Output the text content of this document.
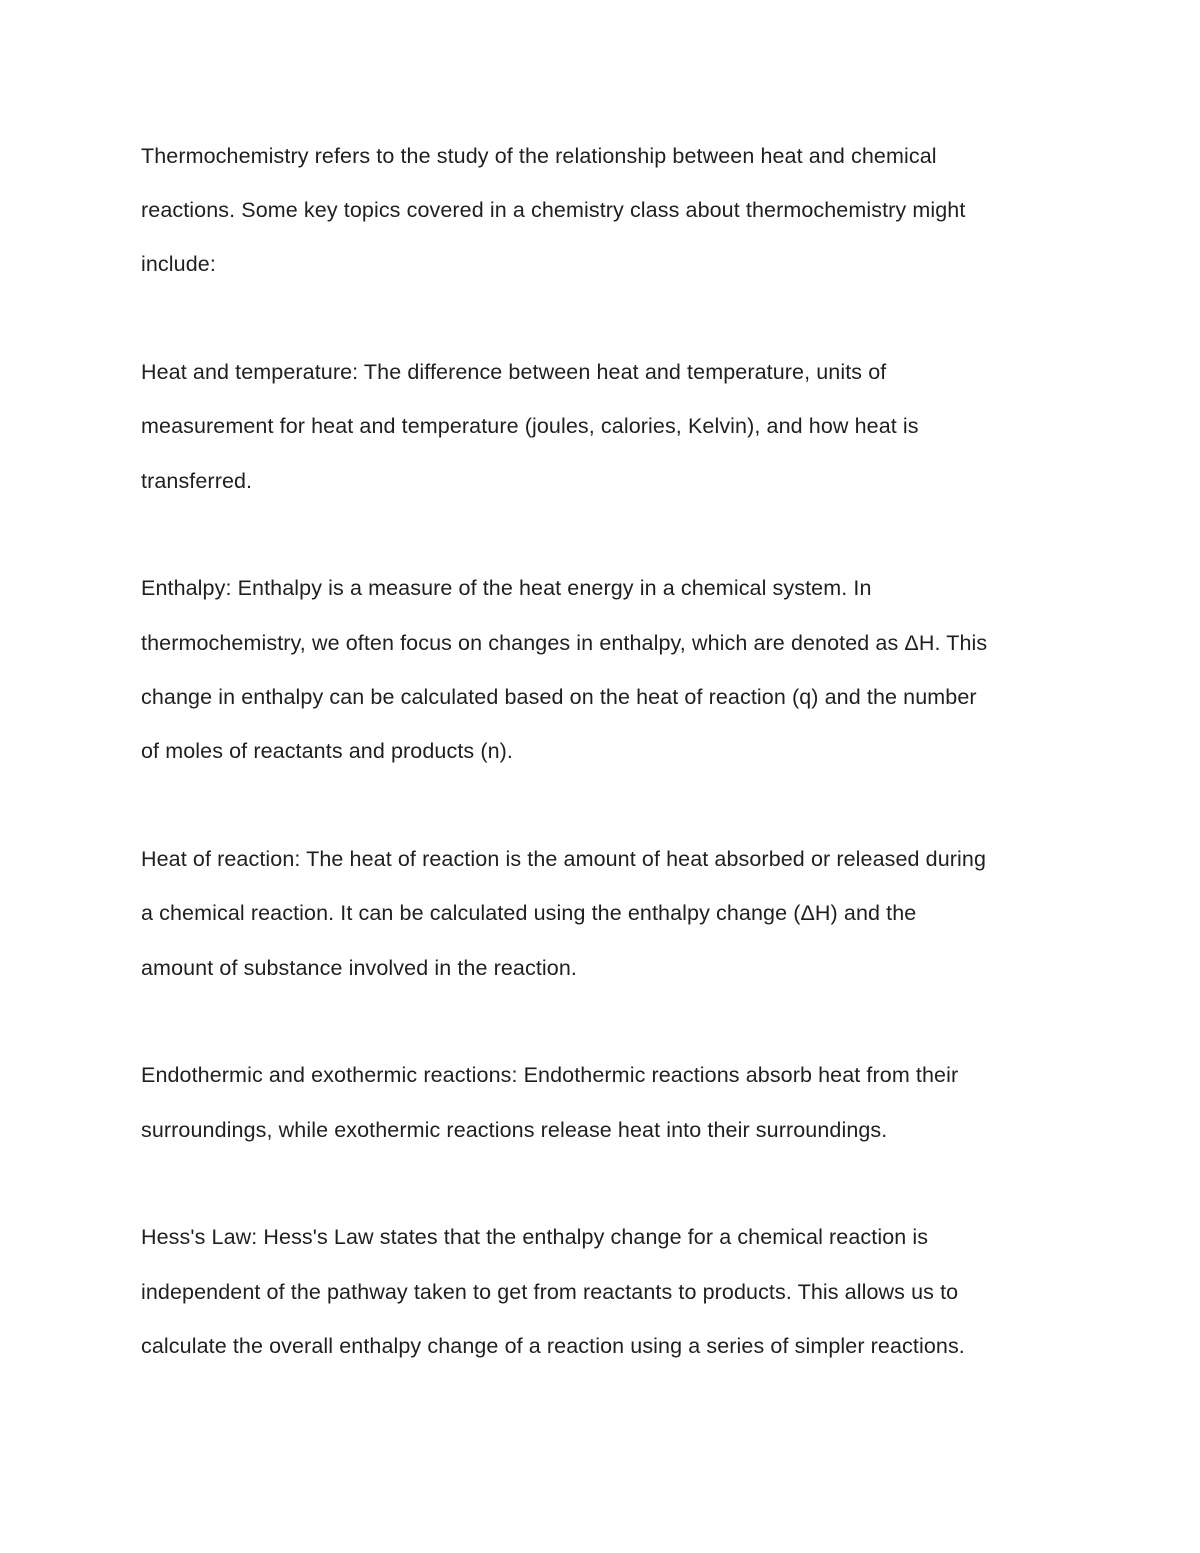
Thermochemistry refers to the study of the relationship between heat and chemical
reactions. Some key topics covered in a chemistry class about thermochemistry might
include:
Heat and temperature: The difference between heat and temperature, units of
measurement for heat and temperature (joules, calories, Kelvin), and how heat is
transferred.
Enthalpy: Enthalpy is a measure of the heat energy in a chemical system. In
thermochemistry, we often focus on changes in enthalpy, which are denoted as ΔH. This
change in enthalpy can be calculated based on the heat of reaction (q) and the number
of moles of reactants and products (n).
Heat of reaction: The heat of reaction is the amount of heat absorbed or released during
a chemical reaction. It can be calculated using the enthalpy change (ΔH) and the
amount of substance involved in the reaction.
Endothermic and exothermic reactions: Endothermic reactions absorb heat from their
surroundings, while exothermic reactions release heat into their surroundings.
Hess's Law: Hess's Law states that the enthalpy change for a chemical reaction is
independent of the pathway taken to get from reactants to products. This allows us to
calculate the overall enthalpy change of a reaction using a series of simpler reactions.
